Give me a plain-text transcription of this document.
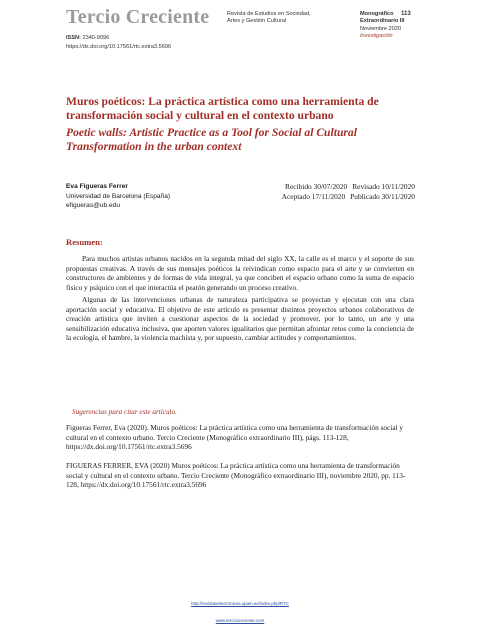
Tercio Creciente
ISSN: 2340-9096
https://dx.doi.org/10.17561/rtc.extra3.5696
Revista de Estudios en Sociedad,
Artes y Gestión Cultural
Monográfico
Extraordinario III
Noviembre 2020
Investigación
113
Muros poéticos: La práctica artística como una herramienta de transformación social y cultural en el contexto urbano
Poetic walls: Artistic Practice as a Tool for Social al Cultural Transformation in the urban context
Eva Figueras Ferrer
Universidad de Barcelona (España)
efigueras@ub.edu
Recibido 30/07/2020 Revisado 10/11/2020
Aceptado 17/11/2020 Publicado 30/11/2020
Resumen:

Para muchos artistas urbanos nacidos en la segunda mitad del siglo XX, la calle es el marco y el soporte de sus propuestas creativas. A través de sus mensajes poéticos la reivindican como espacio para el arte y se convierten en constructores de ambientes y de formas de vida integral, ya que conciben el espacio urbano como la suma de espacio físico y psíquico con el que interactúa el peatón generando un proceso creativo.

Algunas de las intervenciones urbanas de naturaleza participativa se proyectan y ejecutan con una clara aportación social y educativa. El objetivo de este artículo es presentar distintos proyectos urbanos colaborativos de creación artística que inviten a cuestionar aspectos de la sociedad y promover, por lo tanto, un arte y una sensibilización educativa inclusiva, que aporten valores igualitarios que permitan afrontar retos como la conciencia de la ecología, el hambre, la violencia machista y, por supuesto, cambiar actitudes y comportamientos.

Sugerencias para citar este artículo.
Figueras Ferrer, Eva (2020). Muros poéticos: La práctica artística como una herramienta de transformación social y cultural en el contexto urbano. Tercio Creciente (Monográfico extraordinario III), págs. 113-128, https://dx.doi.org/10.17561/rtc.extra3.5696
FIGUERAS FERRER, EVA (2020) Muros poéticos: La práctica artística como una herramienta de transformación social y cultural en el contexto urbano. Tercio Creciente (Monográfico extraordinario III), noviembre 2020, pp. 113-128, https://dx.doi.org/10.17561/rtc.extra3.5696
http://revistaselectronicas.ujaen.es/index.php/RTC
www.terciocreciente.com
